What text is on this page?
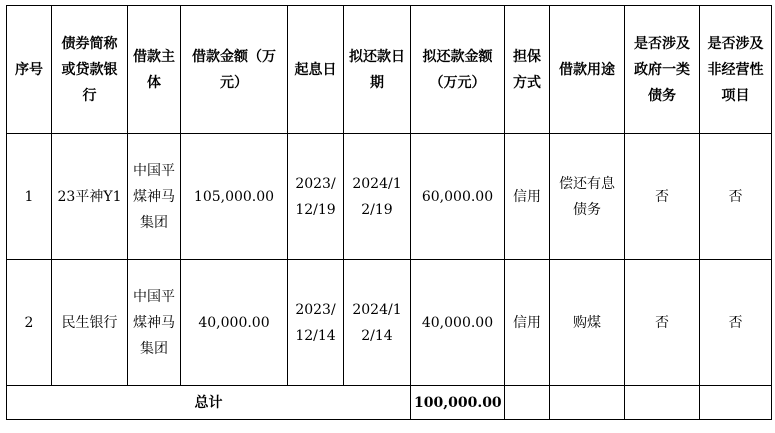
序号	债券简称或贷款银行	借款主体	借款金额（万元）	起息日	拟还款日期	拟还款金额（万元）	担保方式	借款用途	是否涉及政府一类债务	是否涉及非经营性项目

1	23平神Y1	中国平煤神马集团	105,000.00	2023/12/19	2024/12/19	60,000.00	信用	偿还有息债务	否	否
2	民生银行	中国平煤神马集团	40,000.00	2023/12/14	2024/12/14	40,000.00	信用	购煤	否	否
总计						100,000.00				
